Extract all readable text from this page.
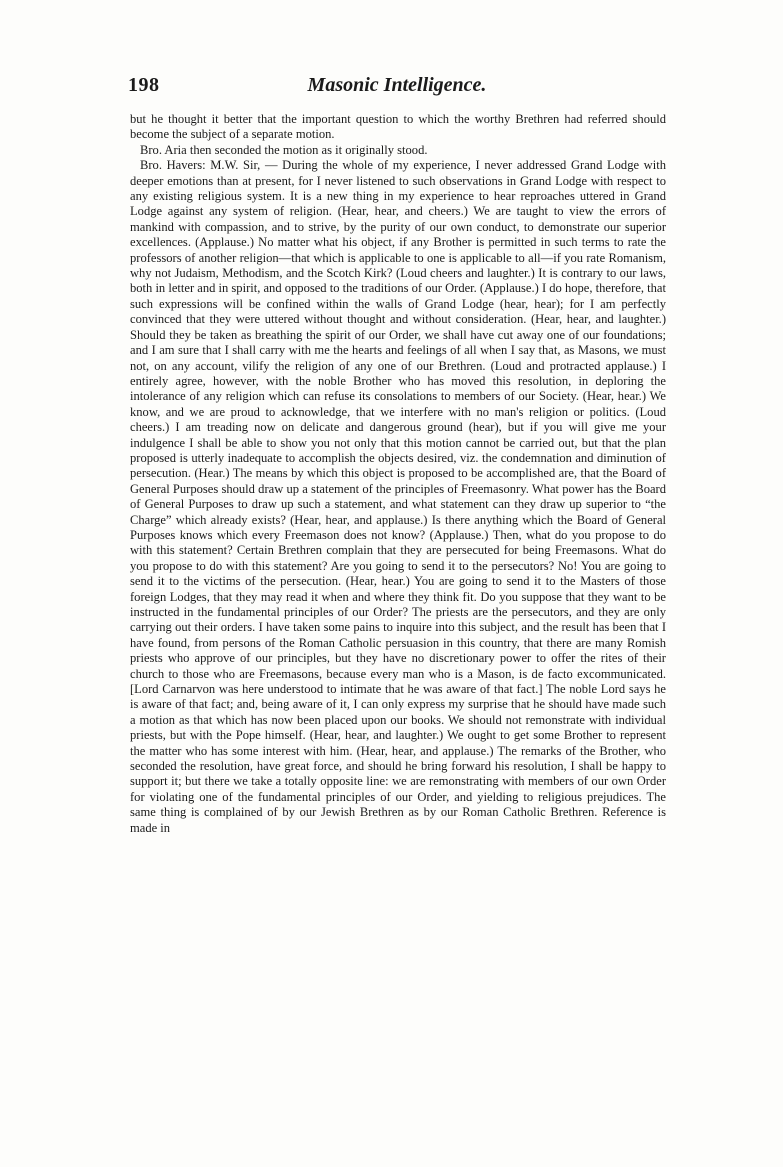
198	Masonic Intelligence.

but he thought it better that the important question to which the worthy Brethren had referred should become the subject of a separate motion.

Bro. Aria then seconded the motion as it originally stood.

Bro. Havers: M.W. Sir, — During the whole of my experience, I never addressed Grand Lodge with deeper emotions than at present, for I never listened to such observations in Grand Lodge with respect to any existing religious system. It is a new thing in my experience to hear reproaches uttered in Grand Lodge against any system of religion. (Hear, hear, and cheers.) We are taught to view the errors of mankind with compassion, and to strive, by the purity of our own conduct, to demonstrate our superior excellences. (Applause.) No matter what his object, if any Brother is permitted in such terms to rate the professors of another religion—that which is applicable to one is applicable to all—if you rate Romanism, why not Judaism, Methodism, and the Scotch Kirk? (Loud cheers and laughter.) It is contrary to our laws, both in letter and in spirit, and opposed to the traditions of our Order. (Applause.) I do hope, therefore, that such expressions will be confined within the walls of Grand Lodge (hear, hear); for I am perfectly convinced that they were uttered without thought and without consideration. (Hear, hear, and laughter.) Should they be taken as breathing the spirit of our Order, we shall have cut away one of our foundations; and I am sure that I shall carry with me the hearts and feelings of all when I say that, as Masons, we must not, on any account, vilify the religion of any one of our Brethren. (Loud and protracted applause.) I entirely agree, however, with the noble Brother who has moved this resolution, in deploring the intolerance of any religion which can refuse its consolations to members of our Society. (Hear, hear.) We know, and we are proud to acknowledge, that we interfere with no man's religion or politics. (Loud cheers.) I am treading now on delicate and dangerous ground (hear), but if you will give me your indulgence I shall be able to show you not only that this motion cannot be carried out, but that the plan proposed is utterly inadequate to accomplish the objects desired, viz. the condemnation and diminution of persecution. (Hear.) The means by which this object is proposed to be accomplished are, that the Board of General Purposes should draw up a statement of the principles of Freemasonry. What power has the Board of General Purposes to draw up such a statement, and what statement can they draw up superior to “the Charge” which already exists? (Hear, hear, and applause.) Is there anything which the Board of General Purposes knows which every Freemason does not know? (Applause.) Then, what do you propose to do with this statement? Certain Brethren complain that they are persecuted for being Freemasons. What do you propose to do with this statement? Are you going to send it to the persecutors? No! You are going to send it to the victims of the persecution. (Hear, hear.) You are going to send it to the Masters of those foreign Lodges, that they may read it when and where they think fit. Do you suppose that they want to be instructed in the fundamental principles of our Order? The priests are the persecutors, and they are only carrying out their orders. I have taken some pains to inquire into this subject, and the result has been that I have found, from persons of the Roman Catholic persuasion in this country, that there are many Romish priests who approve of our principles, but they have no discretionary power to offer the rites of their church to those who are Freemasons, because every man who is a Mason, is de facto excommunicated. [Lord Carnarvon was here understood to intimate that he was aware of that fact.] The noble Lord says he is aware of that fact; and, being aware of it, I can only express my surprise that he should have made such a motion as that which has now been placed upon our books. We should not remonstrate with individual priests, but with the Pope himself. (Hear, hear, and laughter.) We ought to get some Brother to represent the matter who has some interest with him. (Hear, hear, and applause.) The remarks of the Brother, who seconded the resolution, have great force, and should he bring forward his resolution, I shall be happy to support it; but there we take a totally opposite line: we are remonstrating with members of our own Order for violating one of the fundamental principles of our Order, and yielding to religious prejudices. The same thing is complained of by our Jewish Brethren as by our Roman Catholic Brethren. Reference is made in
